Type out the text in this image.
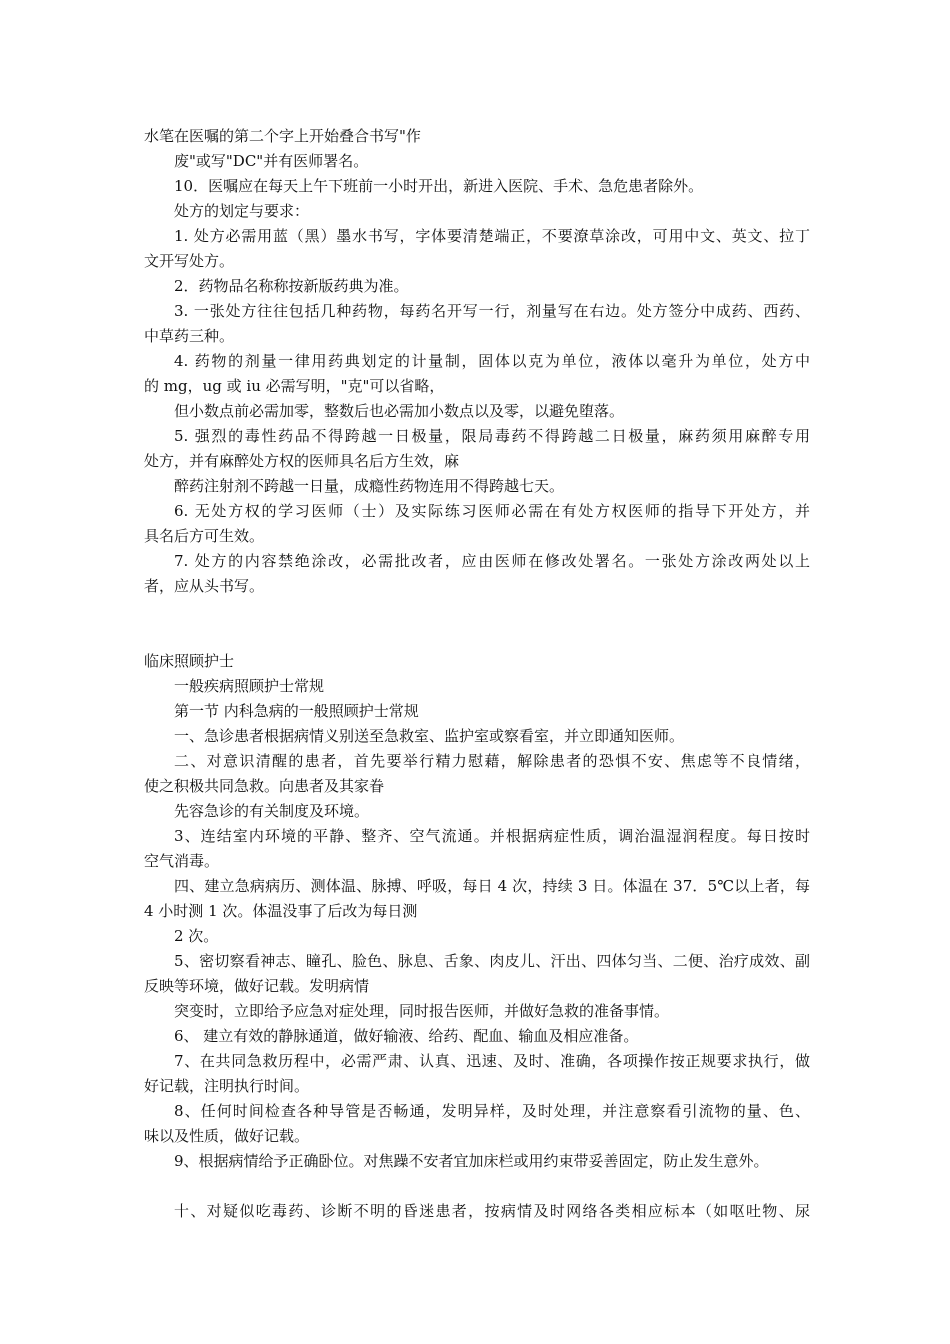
水笔在医嘱的第二个字上开始叠合书写"作
废"或写"DC"并有医师署名。
10．医嘱应在每天上午下班前一小时开出，新进入医院、手术、急危患者除外。
处方的划定与要求：
1. 处方必需用蓝（黑）墨水书写，字体要清楚端正，不要潦草涂改，可用中文、英文、拉丁
文开写处方。
2．药物品名称称按新版药典为准。
3. 一张处方往往包括几种药物，每药名开写一行，剂量写在右边。处方签分中成药、西药、
中草药三种。
4. 药物的剂量一律用药典划定的计量制，固体以克为单位，液体以毫升为单位，处方中
的 mg，ug 或 iu 必需写明，"克"可以省略，
但小数点前必需加零，整数后也必需加小数点以及零，以避免堕落。
5. 强烈的毒性药品不得跨越一日极量，限局毒药不得跨越二日极量，麻药须用麻醉专用
处方，并有麻醉处方权的医师具名后方生效，麻
醉药注射剂不跨越一日量，成瘾性药物连用不得跨越七天。
6. 无处方权的学习医师（士）及实际练习医师必需在有处方权医师的指导下开处方，并
具名后方可生效。
7. 处方的内容禁绝涂改，必需批改者，应由医师在修改处署名。一张处方涂改两处以上
者，应从头书写。
临床照顾护士
一般疾病照顾护士常规
第一节 内科急病的一般照顾护士常规
一、急诊患者根据病情义别送至急救室、监护室或察看室，并立即通知医师。
二、对意识清醒的患者，首先要举行精力慰藉，解除患者的恐惧不安、焦虑等不良情绪，
使之积极共同急救。向患者及其家眷
先容急诊的有关制度及环境。
3、连结室内环境的平静、整齐、空气流通。并根据病症性质，调治温湿润程度。每日按时
空气消毒。
四、建立急病病历、测体温、脉搏、呼吸，每日 4 次，持续 3 日。体温在 37．5℃以上者，每
4 小时测 1 次。体温没事了后改为每日测
2 次。
5、密切察看神志、瞳孔、脸色、脉息、舌象、肉皮儿、汗出、四体匀当、二便、治疗成效、副
反映等环境，做好记载。发明病情
突变时，立即给予应急对症处理，同时报告医师，并做好急救的准备事情。
6、 建立有效的静脉通道，做好输液、给药、配血、输血及相应准备。
7、在共同急救历程中，必需严肃、认真、迅速、及时、准确，各项操作按正规要求执行，做
好记载，注明执行时间。
8、任何时间检查各种导管是否畅通，发明异样，及时处理，并注意察看引流物的量、色、
味以及性质，做好记载。
9、根据病情给予正确卧位。对焦躁不安者宜加床栏或用约束带妥善固定，防止发生意外。
十、对疑似吃毒药、诊断不明的昏迷患者，按病情及时网络各类相应标本（如呕吐物、尿
